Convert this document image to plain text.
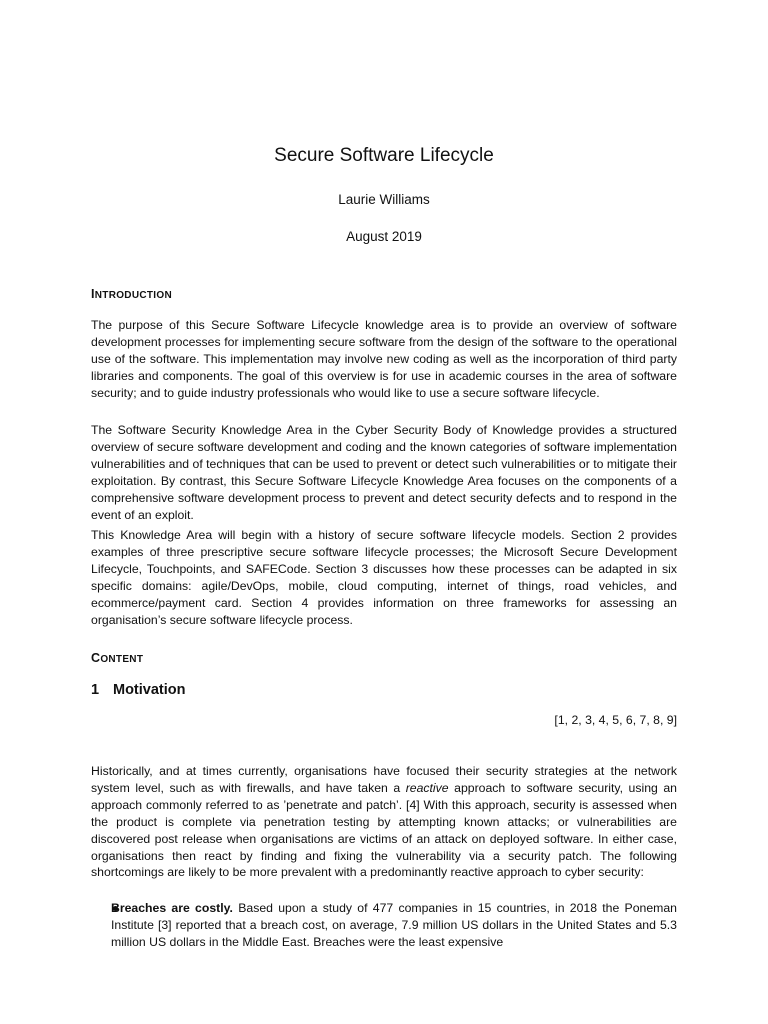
Secure Software Lifecycle
Laurie Williams
August 2019
INTRODUCTION

The purpose of this Secure Software Lifecycle knowledge area is to provide an overview of software development processes for implementing secure software from the design of the software to the operational use of the software. This implementation may involve new coding as well as the incorporation of third party libraries and components. The goal of this overview is for use in academic courses in the area of software security; and to guide industry professionals who would like to use a secure software lifecycle.

The Software Security Knowledge Area in the Cyber Security Body of Knowledge provides a structured overview of secure software development and coding and the known categories of software implementation vulnerabilities and of techniques that can be used to prevent or detect such vulnerabilities or to mitigate their exploitation. By contrast, this Secure Software Lifecycle Knowledge Area focuses on the components of a comprehensive software development process to prevent and detect security defects and to respond in the event of an exploit.

This Knowledge Area will begin with a history of secure software lifecycle models. Section 2 provides examples of three prescriptive secure software lifecycle processes; the Microsoft Secure Development Lifecycle, Touchpoints, and SAFECode. Section 3 discusses how these processes can be adapted in six specific domains: agile/DevOps, mobile, cloud computing, internet of things, road vehicles, and ecommerce/payment card. Section 4 provides information on three frameworks for assessing an organisation’s secure software lifecycle process.

CONTENT
1 Motivation
[1, 2, 3, 4, 5, 6, 7, 8, 9]

Historically, and at times currently, organisations have focused their security strategies at the network system level, such as with firewalls, and have taken a reactive approach to software security, using an approach commonly referred to as ’penetrate and patch’. [4] With this approach, security is assessed when the product is complete via penetration testing by attempting known attacks; or vulnerabilities are discovered post release when organisations are victims of an attack on deployed software. In either case, organisations then react by finding and fixing the vulnerability via a security patch. The following shortcomings are likely to be more prevalent with a predominantly reactive approach to cyber security:

Breaches are costly. Based upon a study of 477 companies in 15 countries, in 2018 the Poneman Institute [3] reported that a breach cost, on average, 7.9 million US dollars in the United States and 5.3 million US dollars in the Middle East. Breaches were the least expensive
